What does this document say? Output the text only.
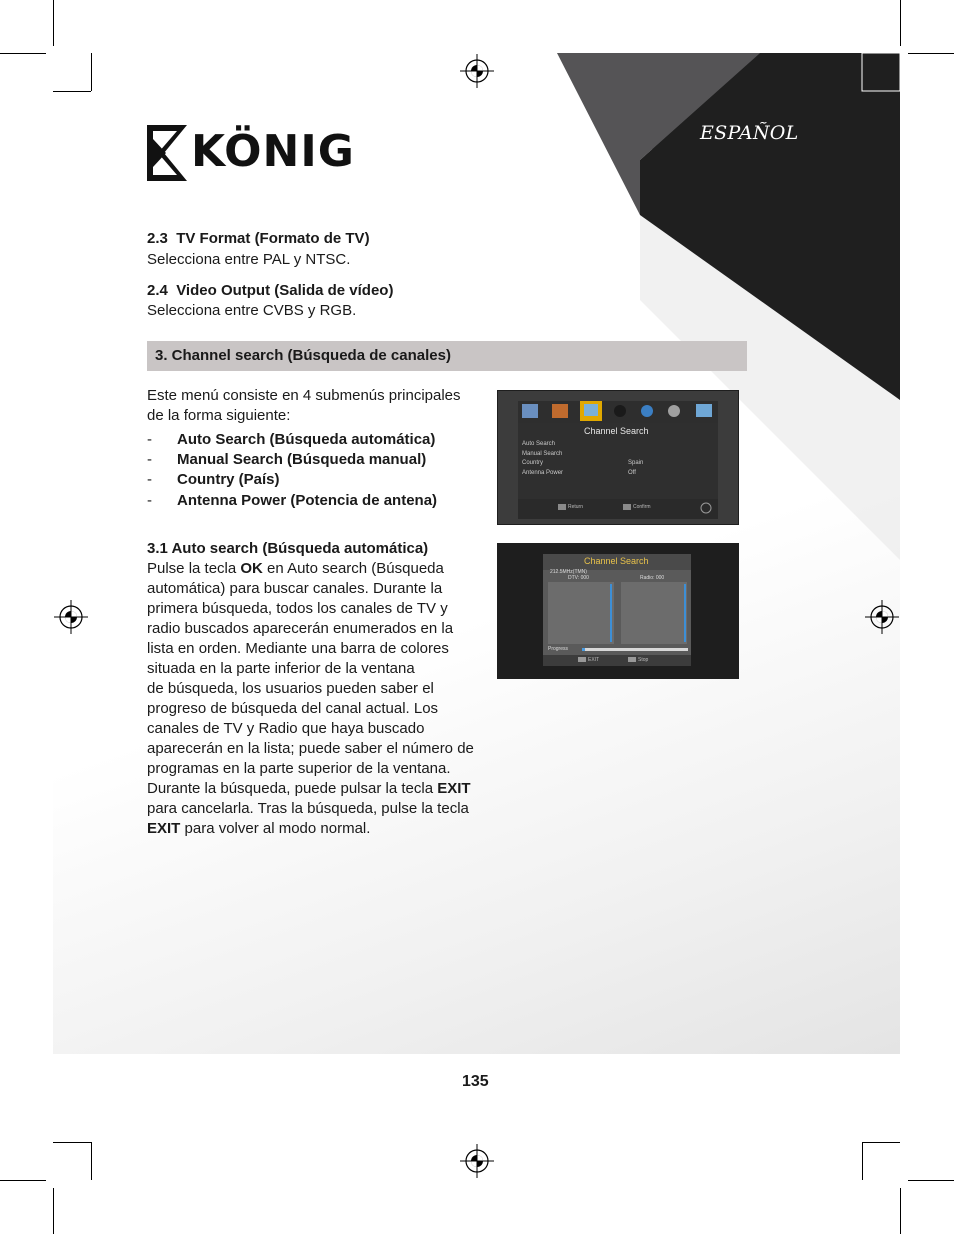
ESPAÑOL
KÖNIG
2.3 TV Format (Formato de TV)
Selecciona entre PAL y NTSC.
2.4 Video Output (Salida de vídeo)
Selecciona entre CVBS y RGB.
3. Channel search (Búsqueda de canales)
Este menú consiste en 4 submenús principales
de la forma siguiente:
- Auto Search (Búsqueda automática)
- Manual Search (Búsqueda manual)
- Country (País)
- Antenna Power (Potencia de antena)
3.1 Auto search (Búsqueda automática)
Pulse la tecla OK en Auto search (Búsqueda
automática) para buscar canales. Durante la
primera búsqueda, todos los canales de TV y
radio buscados aparecerán enumerados en la
lista en orden. Mediante una barra de colores
situada en la parte inferior de la ventana
de búsqueda, los usuarios pueden saber el
progreso de búsqueda del canal actual. Los
canales de TV y Radio que haya buscado
aparecerán en la lista; puede saber el número de
programas en la parte superior de la ventana.
Durante la búsqueda, puede pulsar la tecla EXIT
para cancelarla. Tras la búsqueda, pulse la tecla
EXIT para volver al modo normal.
Channel Search
Auto Search
Manual Search
Country
Antenna Power
Spain
Off
Return	Confirm
Channel Search
212.5MHz(TMN)
DTV: 000	Radio: 000
Progress
EXIT	Stop
135
